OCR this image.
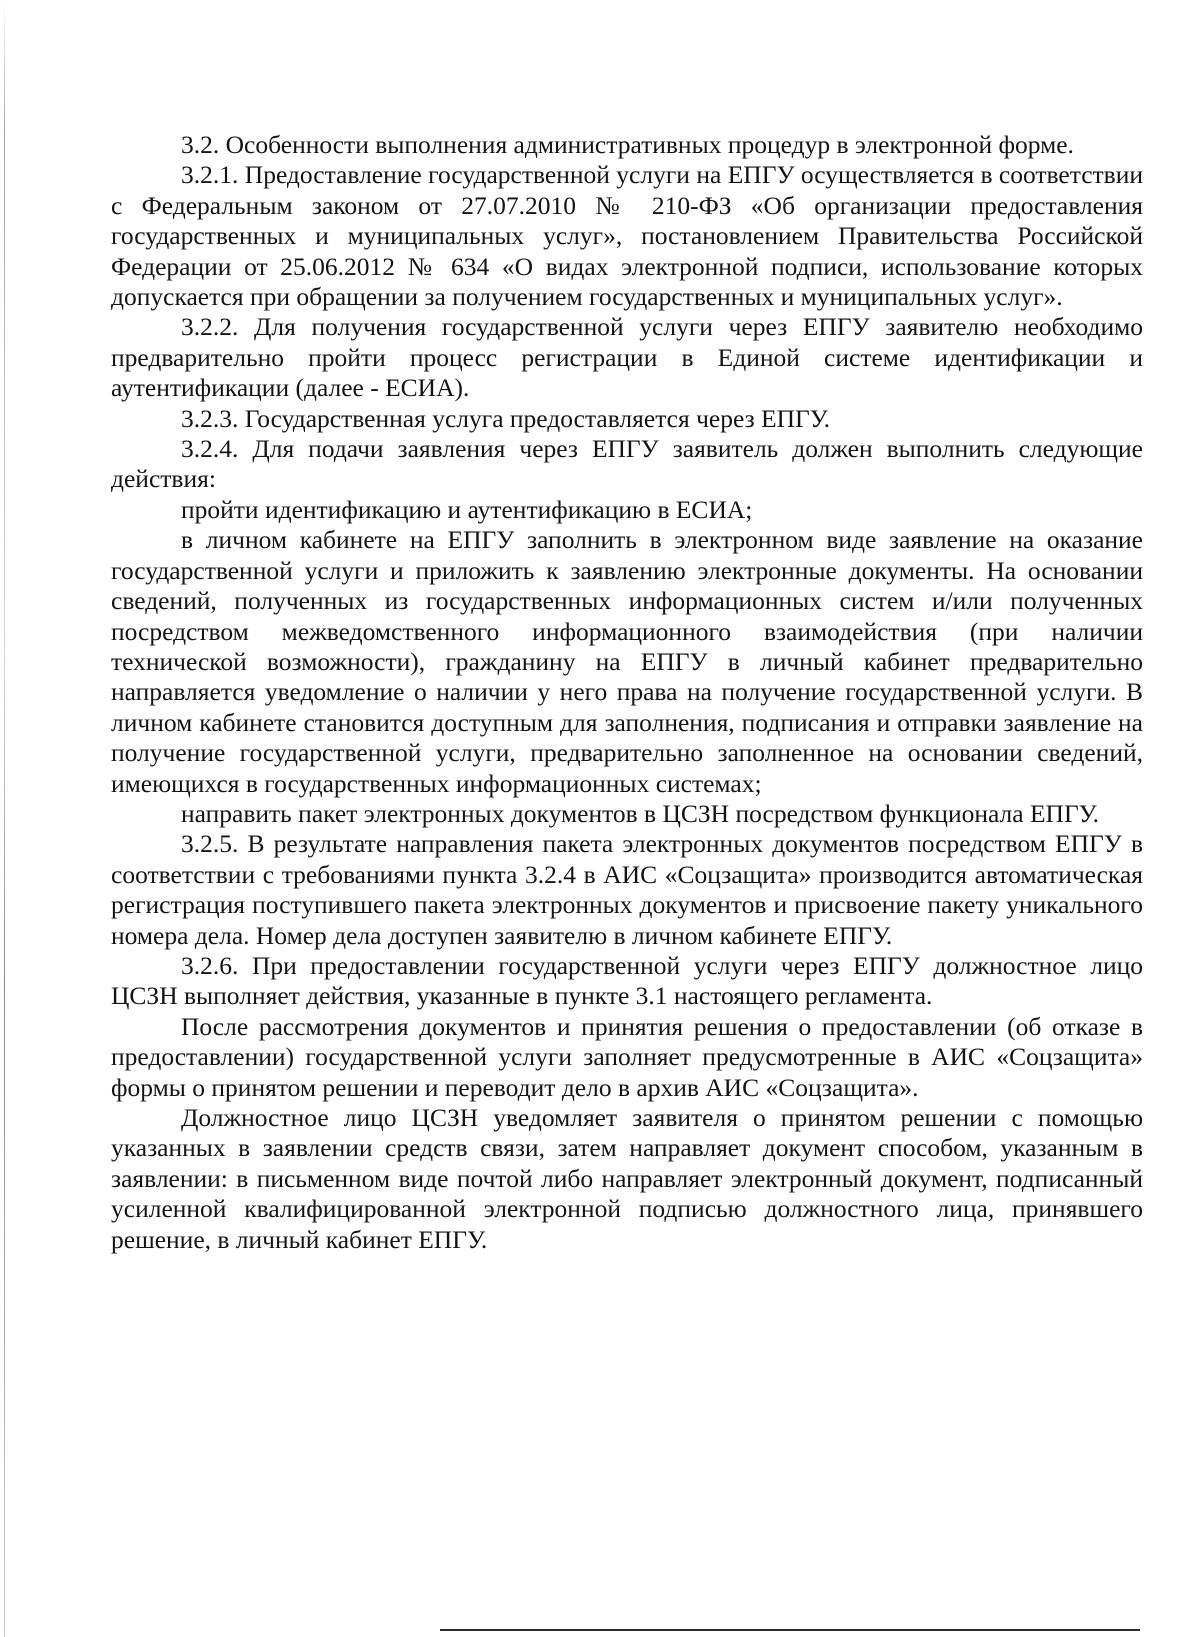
3.2. Особенности выполнения административных процедур в электронной форме.

3.2.1. Предоставление государственной услуги на ЕПГУ осуществляется в соответствии с Федеральным законом от 27.07.2010 № 210-ФЗ «Об организации предоставления государственных и муниципальных услуг», постановлением Правительства Российской Федерации от 25.06.2012 № 634 «О видах электронной подписи, использование которых допускается при обращении за получением государственных и муниципальных услуг».

3.2.2. Для получения государственной услуги через ЕПГУ заявителю необходимо предварительно пройти процесс регистрации в Единой системе идентификации и аутентификации (далее - ЕСИА).

3.2.3. Государственная услуга предоставляется через ЕПГУ.

3.2.4. Для подачи заявления через ЕПГУ заявитель должен выполнить следующие действия:

пройти идентификацию и аутентификацию в ЕСИА;

в личном кабинете на ЕПГУ заполнить в электронном виде заявление на оказание государственной услуги и приложить к заявлению электронные документы. На основании сведений, полученных из государственных информационных систем и/или полученных посредством межведомственного информационного взаимодействия (при наличии технической возможности), гражданину на ЕПГУ в личный кабинет предварительно направляется уведомление о наличии у него права на получение государственной услуги. В личном кабинете становится доступным для заполнения, подписания и отправки заявление на получение государственной услуги, предварительно заполненное на основании сведений, имеющихся в государственных информационных системах;

направить пакет электронных документов в ЦСЗН посредством функционала ЕПГУ.

3.2.5. В результате направления пакета электронных документов посредством ЕПГУ в соответствии с требованиями пункта 3.2.4 в АИС «Соцзащита» производится автоматическая регистрация поступившего пакета электронных документов и присвоение пакету уникального номера дела. Номер дела доступен заявителю в личном кабинете ЕПГУ.

3.2.6. При предоставлении государственной услуги через ЕПГУ должностное лицо ЦСЗН выполняет действия, указанные в пункте 3.1 настоящего регламента.

После рассмотрения документов и принятия решения о предоставлении (об отказе в предоставлении) государственной услуги заполняет предусмотренные в АИС «Соцзащита» формы о принятом решении и переводит дело в архив АИС «Соцзащита».

Должностное лицо ЦСЗН уведомляет заявителя о принятом решении с помощью указанных в заявлении средств связи, затем направляет документ способом, указанным в заявлении: в письменном виде почтой либо направляет электронный документ, подписанный усиленной квалифицированной электронной подписью должностного лица, принявшего решение, в личный кабинет ЕПГУ.
